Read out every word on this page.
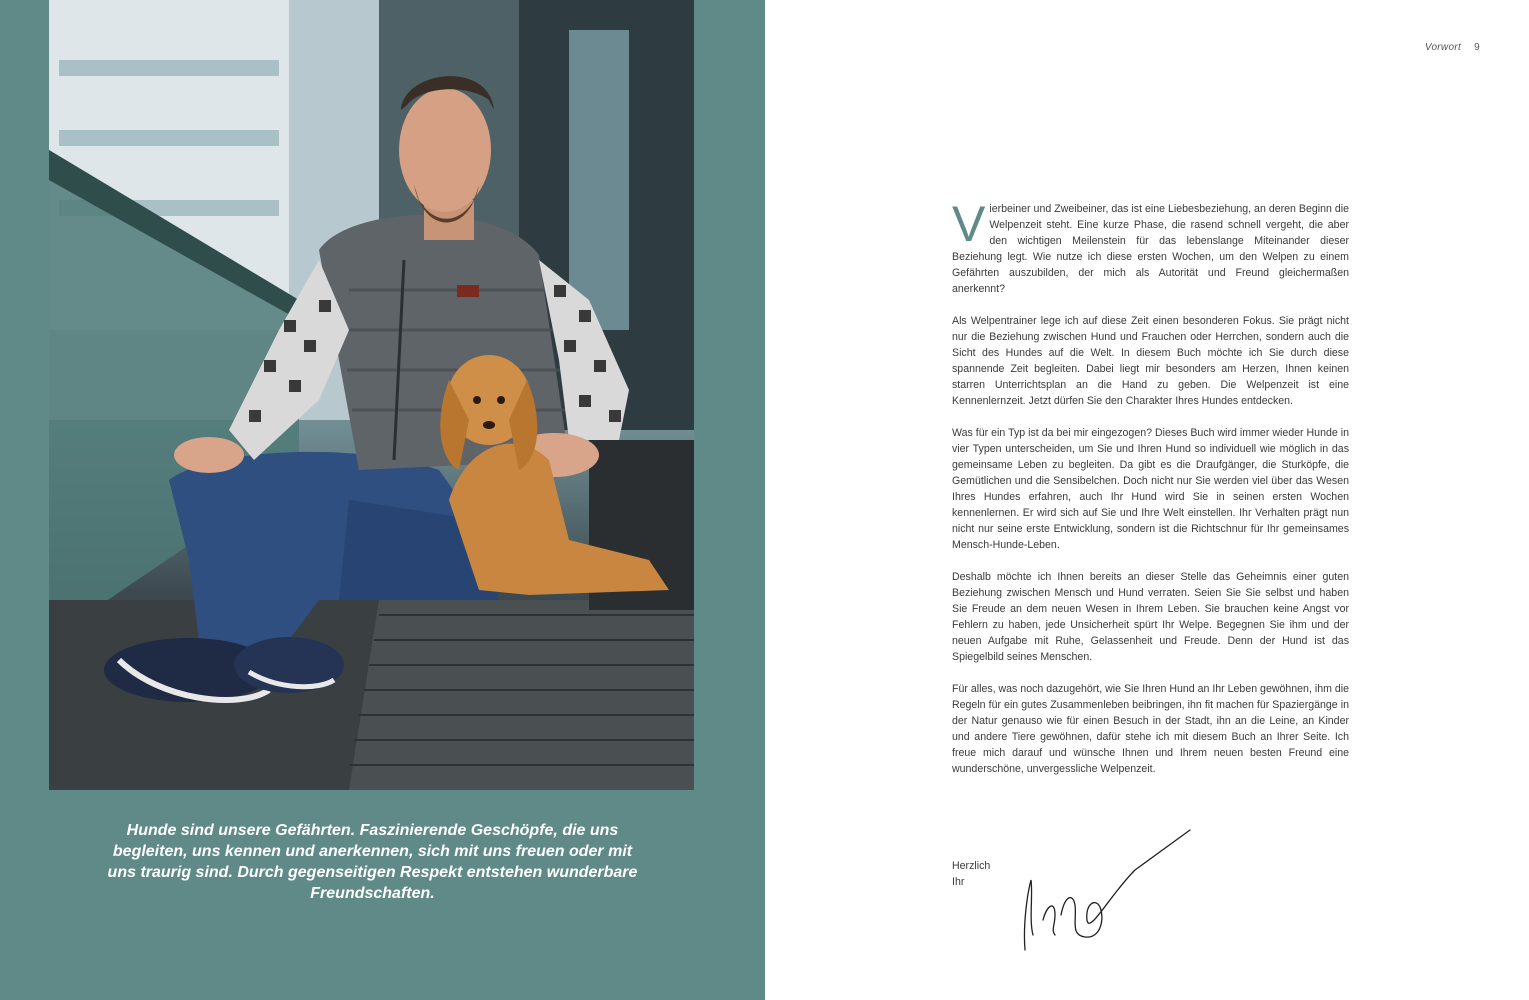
Hunde sind unsere Gefährten. Faszinierende Geschöpfe, die uns begleiten, uns kennen und anerkennen, sich mit uns freuen oder mit uns traurig sind. Durch gegenseitigen Respekt entstehen wunderbare Freundschaften.

Vorwort 9

Vierbeiner und Zweibeiner, das ist eine Liebesbeziehung, an deren Beginn die Welpenzeit steht. Eine kurze Phase, die rasend schnell vergeht, die aber den wichtigen Meilenstein für das lebenslange Miteinander dieser Beziehung legt. Wie nutze ich diese ersten Wochen, um den Welpen zu einem Gefährten auszubilden, der mich als Autorität und Freund gleichermaßen anerkennt?

Als Welpentrainer lege ich auf diese Zeit einen besonderen Fokus. Sie prägt nicht nur die Beziehung zwischen Hund und Frauchen oder Herrchen, sondern auch die Sicht des Hundes auf die Welt. In diesem Buch möchte ich Sie durch diese spannende Zeit begleiten. Dabei liegt mir besonders am Herzen, Ihnen keinen starren Unterrichtsplan an die Hand zu geben. Die Welpenzeit ist eine Kennenlernzeit. Jetzt dürfen Sie den Charakter Ihres Hundes entdecken.

Was für ein Typ ist da bei mir eingezogen? Dieses Buch wird immer wieder Hunde in vier Typen unterscheiden, um Sie und Ihren Hund so individuell wie möglich in das gemeinsame Leben zu begleiten. Da gibt es die Draufgänger, die Sturköpfe, die Gemütlichen und die Sensibelchen. Doch nicht nur Sie werden viel über das Wesen Ihres Hundes erfahren, auch Ihr Hund wird Sie in seinen ersten Wochen kennenlernen. Er wird sich auf Sie und Ihre Welt einstellen. Ihr Verhalten prägt nun nicht nur seine erste Entwicklung, sondern ist die Richtschnur für Ihr gemeinsames Mensch-Hunde-Leben.

Deshalb möchte ich Ihnen bereits an dieser Stelle das Geheimnis einer guten Beziehung zwischen Mensch und Hund verraten. Seien Sie Sie selbst und haben Sie Freude an dem neuen Wesen in Ihrem Leben. Sie brauchen keine Angst vor Fehlern zu haben, jede Unsicherheit spürt Ihr Welpe. Begegnen Sie ihm und der neuen Aufgabe mit Ruhe, Gelassenheit und Freude. Denn der Hund ist das Spiegelbild seines Menschen.

Für alles, was noch dazugehört, wie Sie Ihren Hund an Ihr Leben gewöhnen, ihm die Regeln für ein gutes Zusammenleben beibringen, ihn fit machen für Spaziergänge in der Natur genauso wie für einen Besuch in der Stadt, ihn an die Leine, an Kinder und andere Tiere gewöhnen, dafür stehe ich mit diesem Buch an Ihrer Seite. Ich freue mich darauf und wünsche Ihnen und Ihrem neuen besten Freund eine wunderschöne, unvergessliche Welpenzeit.

Herzlich
Ihr
